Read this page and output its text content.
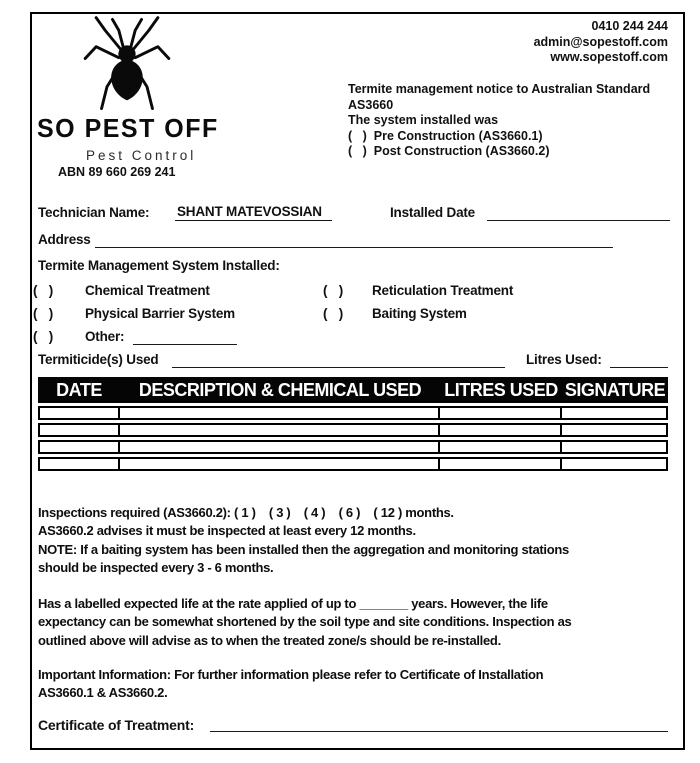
0410 244 244
admin@sopestoff.com
www.sopestoff.com
SO PEST OFF
Pest Control
ABN 89 660 269 241
Termite management notice to Australian Standard
AS3660
The system installed was
(   ) Pre Construction (AS3660.1)
(   ) Post Construction (AS3660.2)
Technician Name: SHANT MATEVOSSIAN	Installed Date
Address
Termite Management System Installed:
(   ) Chemical Treatment	(   ) Reticulation Treatment
(   ) Physical Barrier System	(   ) Baiting System
(   ) Other:
Termiticide(s) Used	Litres Used:
DATE	DESCRIPTION & CHEMICAL USED	LITRES USED	SIGNATURE

Inspections required (AS3660.2): ( 1 )    ( 3 )    ( 4 )    ( 6 )    ( 12 ) months.
AS3660.2 advises it must be inspected at least every 12 months.
NOTE: If a baiting system has been installed then the aggregation and monitoring stations
should be inspected every 3 - 6 months.
Has a labelled expected life at the rate applied of up to _______ years. However, the life
expectancy can be somewhat shortened by the soil type and site conditions. Inspection as
outlined above will advise as to when the treated zone/s should be re-installed.
Important Information: For further information please refer to Certificate of Installation
AS3660.1 & AS3660.2.
Certificate of Treatment:
